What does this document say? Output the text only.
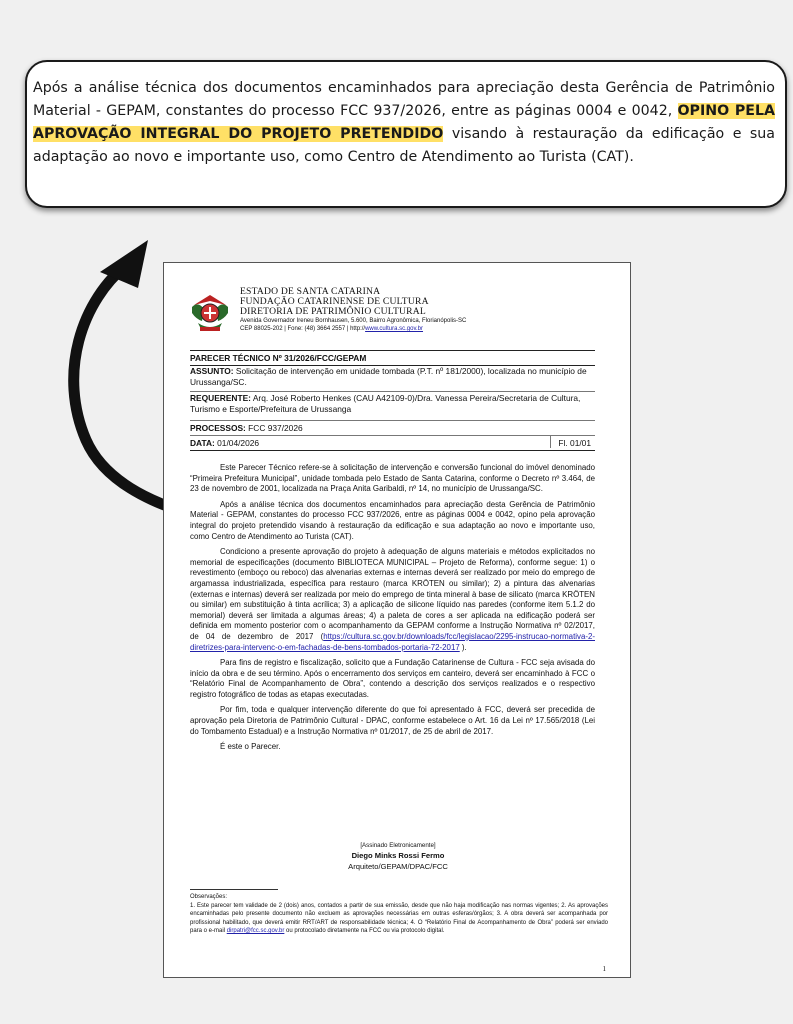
Após a análise técnica dos documentos encaminhados para apreciação desta Gerência de Patrimônio Material - GEPAM, constantes do processo FCC 937/2026, entre as páginas 0004 e 0042, OPINO PELA APROVAÇÃO INTEGRAL DO PROJETO PRETENDIDO visando à restauração da edificação e sua adaptação ao novo e importante uso, como Centro de Atendimento ao Turista (CAT).

ESTADO DE SANTA CATARINA
FUNDAÇÃO CATARINENSE DE CULTURA
DIRETORIA DE PATRIMÔNIO CULTURAL
Avenida Governador Ireneu Bornhausen, 5.600, Bairro Agronômica, Florianópolis-SC
CEP 88025-202 | Fone: (48) 3664 2557 | http://www.cultura.sc.gov.br
PARECER TÉCNICO Nº 31/2026/FCC/GEPAM
ASSUNTO: Solicitação de intervenção em unidade tombada (P.T. nº 181/2000), localizada no município de Urussanga/SC.
REQUERENTE: Arq. José Roberto Henkes (CAU A42109-0)/Dra. Vanessa Pereira/Secretaria de Cultura, Turismo e Esporte/Prefeitura de Urussanga
PROCESSOS: FCC 937/2026
DATA: 01/04/2026	Fl. 01/01

Este Parecer Técnico refere-se à solicitação de intervenção e conversão funcional do imóvel denominado “Primeira Prefeitura Municipal”, unidade tombada pelo Estado de Santa Catarina, conforme o Decreto nº 3.464, de 23 de novembro de 2001, localizada na Praça Anita Garibaldi, nº 14, no município de Urussanga/SC.

Após a análise técnica dos documentos encaminhados para apreciação desta Gerência de Patrimônio Material - GEPAM, constantes do processo FCC 937/2026, entre as páginas 0004 e 0042, opino pela aprovação integral do projeto pretendido visando à restauração da edificação e sua adaptação ao novo e importante uso, como Centro de Atendimento ao Turista (CAT).

Condiciono a presente aprovação do projeto à adequação de alguns materiais e métodos explicitados no memorial de especificações (documento BIBLIOTECA MUNICIPAL – Projeto de Reforma), conforme segue: 1) o revestimento (emboço ou reboco) das alvenarias externas e internas deverá ser realizado por meio do emprego de argamassa industrializada, específica para restauro (marca KRÖTEN ou similar); 2) a pintura das alvenarias (externas e internas) deverá ser realizada por meio do emprego de tinta mineral à base de silicato (marca KRÖTEN ou similar) em substituição à tinta acrílica; 3) a aplicação de silicone líquido nas paredes (conforme item 5.1.2 do memorial) deverá ser limitada a algumas áreas; 4) a paleta de cores a ser aplicada na edificação poderá ser definida em momento posterior com o acompanhamento da GEPAM conforme a Instrução Normativa nº 02/2017, de 04 de dezembro de 2017 (https://cultura.sc.gov.br/downloads/fcc/legislacao/2295-instrucao-normativa-2-diretrizes-para-intervenc-o-em-fachadas-de-bens-tombados-portaria-72-2017 ).

Para fins de registro e fiscalização, solicito que a Fundação Catarinense de Cultura - FCC seja avisada do início da obra e de seu término. Após o encerramento dos serviços em canteiro, deverá ser encaminhado à FCC o “Relatório Final de Acompanhamento de Obra”, contendo a descrição dos serviços realizados e o respectivo registro fotográfico de todas as etapas executadas.

Por fim, toda e qualquer intervenção diferente do que foi apresentado à FCC, deverá ser precedida de aprovação pela Diretoria de Patrimônio Cultural - DPAC, conforme estabelece o Art. 16 da Lei nº 17.565/2018 (Lei do Tombamento Estadual) e a Instrução Normativa nº 01/2017, de 25 de abril de 2017.

É este o Parecer.

[Assinado Eletronicamente]
Diego Minks Rossi Fermo
Arquiteto/GEPAM/DPAC/FCC
Observações:
1. Este parecer tem validade de 2 (dois) anos, contados a partir de sua emissão, desde que não haja modificação nas normas vigentes; 2. As aprovações encaminhadas pelo presente documento não excluem as aprovações necessárias em outras esferas/órgãos; 3. A obra deverá ser acompanhada por profissional habilitado, que deverá emitir RRT/ART de responsabilidade técnica; 4. O “Relatório Final de Acompanhamento de Obra” poderá ser enviado para o e-mail dirpatri@fcc.sc.gov.br ou protocolado diretamente na FCC ou via protocolo digital.
1
